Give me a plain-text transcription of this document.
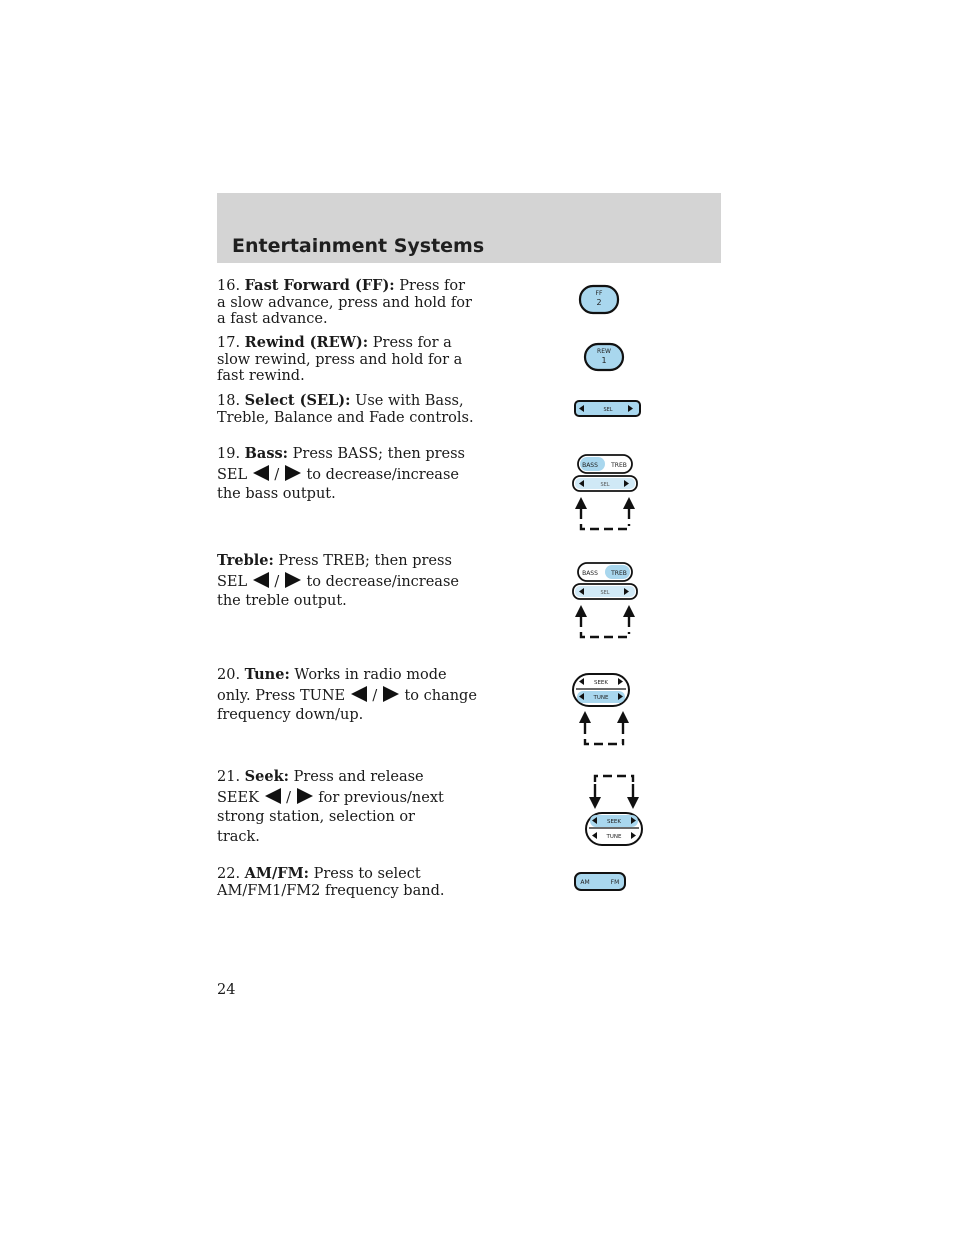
Entertainment Systems
16. Fast Forward (FF): Press for a slow advance, press and hold for a fast advance.
17. Rewind (REW): Press for a slow rewind, press and hold for a fast rewind.
18. Select (SEL): Use with Bass, Treble, Balance and Fade controls.
19. Bass: Press BASS; then press SEL  /  to decrease/increase the bass output.
Treble: Press TREB; then press SEL  /  to decrease/increase the treble output.
20. Tune: Works in radio mode only. Press TUNE  /  to change frequency down/up.
21. Seek: Press and release SEEK  /  for previous/next strong station, selection or track.
22. AM/FM: Press to select AM/FM1/FM2 frequency band.
FF
2
REW
1
SEL
BASS TREB
SEL
BASS TREB
SEL
SEEK
TUNE
SEEK
TUNE
AM	FM
24
